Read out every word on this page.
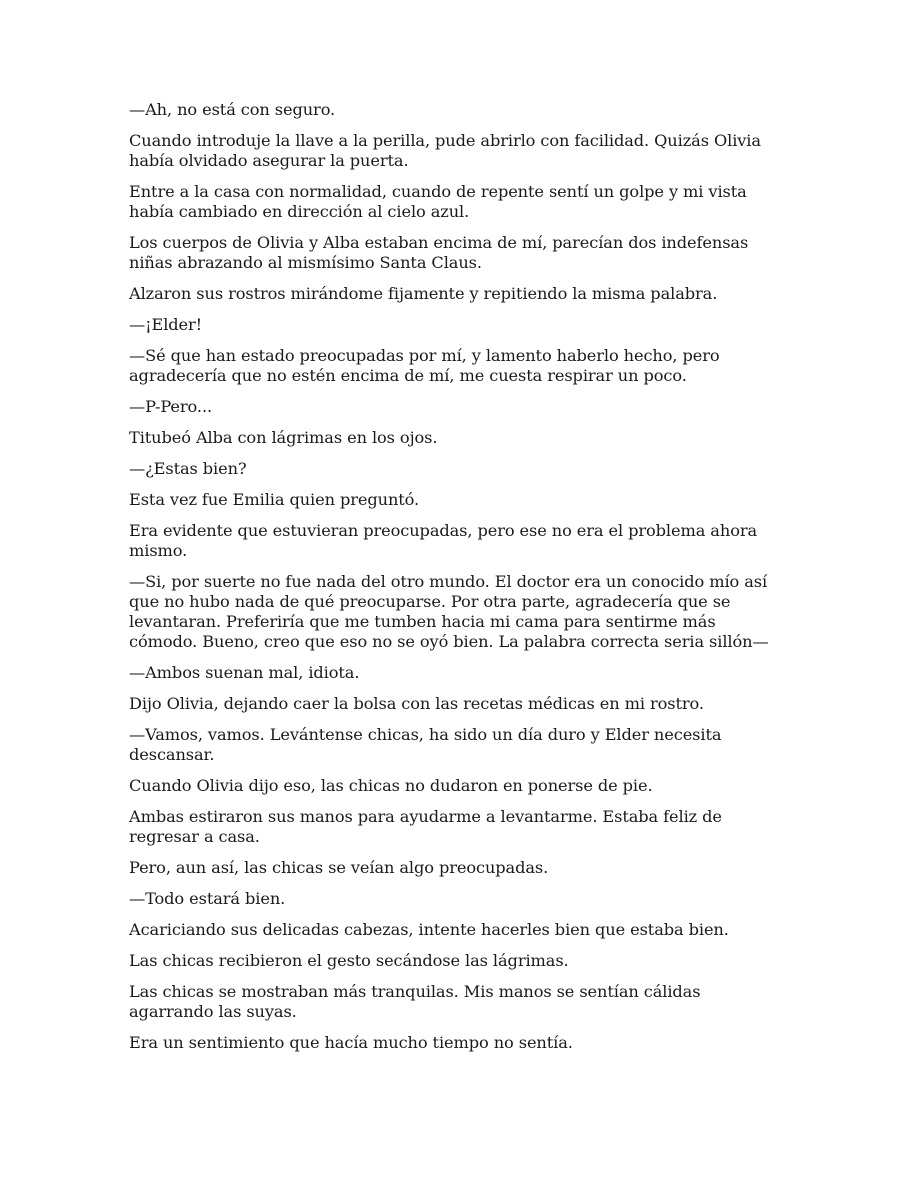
—Ah, no está con seguro.

Cuando introduje la llave a la perilla, pude abrirlo con facilidad. Quizás Olivia había olvidado asegurar la puerta.

Entre a la casa con normalidad, cuando de repente sentí un golpe y mi vista había cambiado en dirección al cielo azul.

Los cuerpos de Olivia y Alba estaban encima de mí, parecían dos indefensas niñas abrazando al mismísimo Santa Claus.

Alzaron sus rostros mirándome fijamente y repitiendo la misma palabra.

—¡Elder!

—Sé que han estado preocupadas por mí, y lamento haberlo hecho, pero agradecería que no estén encima de mí, me cuesta respirar un poco.

—P-Pero...

Titubeó Alba con lágrimas en los ojos.

—¿Estas bien?

Esta vez fue Emilia quien preguntó.

Era evidente que estuvieran preocupadas, pero ese no era el problema ahora mismo.

—Si, por suerte no fue nada del otro mundo. El doctor era un conocido mío así que no hubo nada de qué preocuparse. Por otra parte, agradecería que se levantaran. Preferiría que me tumben hacia mi cama para sentirme más cómodo. Bueno, creo que eso no se oyó bien. La palabra correcta seria sillón—

—Ambos suenan mal, idiota.

Dijo Olivia, dejando caer la bolsa con las recetas médicas en mi rostro.

—Vamos, vamos. Levántense chicas, ha sido un día duro y Elder necesita descansar.

Cuando Olivia dijo eso, las chicas no dudaron en ponerse de pie.

Ambas estiraron sus manos para ayudarme a levantarme. Estaba feliz de regresar a casa.

Pero, aun así, las chicas se veían algo preocupadas.

—Todo estará bien.

Acariciando sus delicadas cabezas, intente hacerles bien que estaba bien.

Las chicas recibieron el gesto secándose las lágrimas.

Las chicas se mostraban más tranquilas. Mis manos se sentían cálidas agarrando las suyas.

Era un sentimiento que hacía mucho tiempo no sentía.
